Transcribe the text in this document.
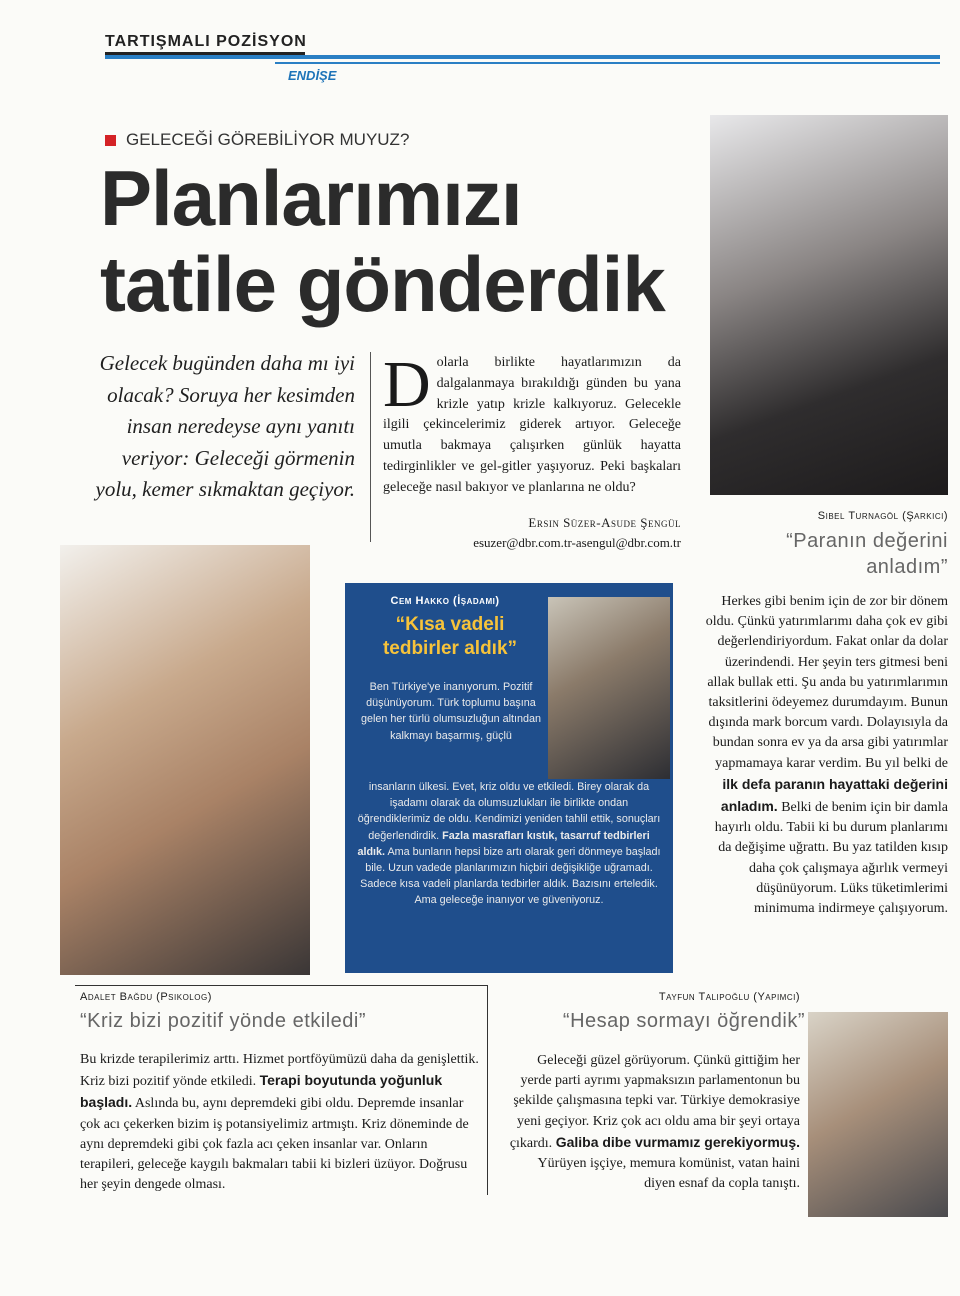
TARTIŞMALI POZİSYON
ENDİŞE
GELECEĞİ GÖREBİLİYOR MUYUZ?
Planlarımızı
tatile gönderdik
Gelecek bugünden daha mı iyi olacak? Soruya her kesimden insan neredeyse aynı yanıtı veriyor: Geleceği görmenin yolu, kemer sıkmaktan geçiyor.
Dolarla birlikte hayatlarımızın da dalgalanmaya bırakıldığı günden bu yana krizle yatıp krizle kalkıyoruz. Gelecekle ilgili çekincelerimiz giderek artıyor. Geleceğe umutla bakmaya çalışırken günlük hayatta tedirginlikler ve gel-gitler yaşıyoruz. Peki başkaları geleceğe nasıl bakıyor ve planlarına ne oldu?
Ersin Süzer-Asude Şengül
esuzer@dbr.com.tr-asengul@dbr.com.tr
Cem Hakko (İşadamı)
“Kısa vadeli tedbirler aldık”
Ben Türkiye'ye inanıyorum. Pozitif düşünüyorum. Türk toplumu başına gelen her türlü olumsuzluğun altından kalkmayı başarmış, güçlü
insanların ülkesi. Evet, kriz oldu ve etkiledi. Birey olarak da işadamı olarak da olumsuzlukları ile birlikte ondan öğrendiklerimiz de oldu. Kendimizi yeniden tahlil ettik, sonuçları değerlendirdik. Fazla masrafları kıstık, tasarruf tedbirleri aldık. Ama bunların hepsi bize artı olarak geri dönmeye başladı bile. Uzun vadede planlarımızın hiçbiri değişikliğe uğramadı. Sadece kısa vadeli planlarda tedbirler aldık. Bazısını erteledik. Ama geleceğe inanıyor ve güveniyoruz.
Sibel Turnagöl (Şarkıcı)
“Paranın değerini anladım”
Herkes gibi benim için de zor bir dönem oldu. Çünkü yatırımlarımı daha çok ev gibi değerlendiriyordum. Fakat onlar da dolar üzerindendi. Her şeyin ters gitmesi beni allak bullak etti. Şu anda bu yatırımlarımın taksitlerini ödeyemez durumdayım. Bunun dışında mark borcum vardı. Dolayısıyla da bundan sonra ev ya da arsa gibi yatırımlar yapmamaya karar verdim. Bu yıl belki de ilk defa paranın hayattaki değerini anladım. Belki de benim için bir damla hayırlı oldu. Tabii ki bu durum planlarımı da değişime uğrattı. Bu yaz tatilden kısıp daha çok çalışmaya ağırlık vermeyi düşünüyorum. Lüks tüketimlerimi minimuma indirmeye çalışıyorum.
Adalet Bağdu (Psikolog)
“Kriz bizi pozitif yönde etkiledi”
Bu krizde terapilerimiz arttı. Hizmet portföyümüzü daha da genişlettik. Kriz bizi pozitif yönde etkiledi. Terapi boyutunda yoğunluk başladı. Aslında bu, aynı depremdeki gibi oldu. Depremde insanlar çok acı çekerken bizim iş potansiyelimiz artmıştı. Kriz döneminde de aynı depremdeki gibi çok fazla acı çeken insanlar var. Onların terapileri, geleceğe kaygılı bakmaları tabii ki bizleri üzüyor. Doğrusu her şeyin dengede olması.
Tayfun Talipoğlu (Yapımcı)
“Hesap sormayı öğrendik”
Geleceği güzel görüyorum. Çünkü gittiğim her yerde parti ayrımı yapmaksızın parlamentonun bu şekilde çalışmasına tepki var. Türkiye demokrasiye yeni geçiyor. Kriz çok acı oldu ama bir şeyi ortaya çıkardı. Galiba dibe vurmamız gerekiyormuş. Yürüyen işçiye, memura komünist, vatan haini diyen esnaf da copla tanıştı.
